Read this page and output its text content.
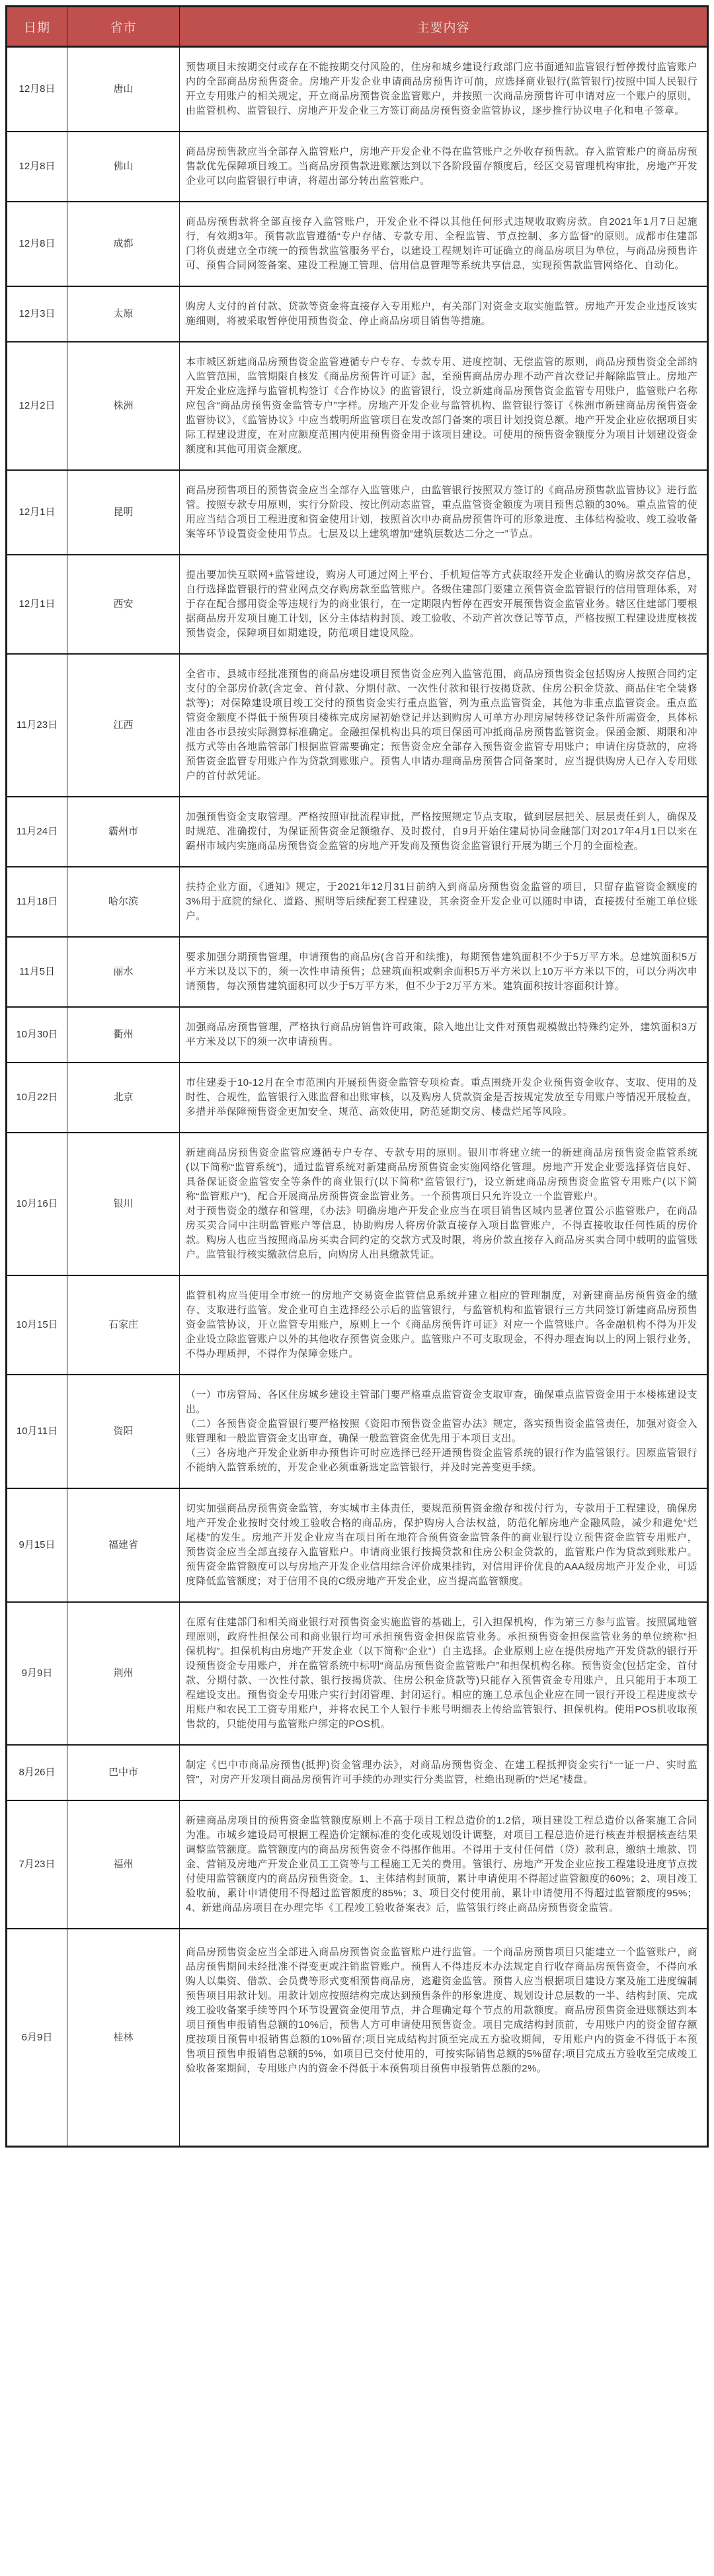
日期	省市	主要内容
12月8日	唐山	预售项目未按期交付或存在不能按期交付风险的，住房和城乡建设行政部门应书面通知监管银行暂停拨付监管账户内的全部商品房预售资金。房地产开发企业申请商品房预售许可前，应选择商业银行(监管银行)按照中国人民银行开立专用账户的相关规定，开立商品房预售资金监管账户，并按照一次商品房预售许可申请对应一个账户的原则，由监管机构、监管银行、房地产开发企业三方签订商品房预售资金监管协议，逐步推行协议电子化和电子签章。

12月8日	佛山	商品房预售款应当全部存入监管账户，房地产开发企业不得在监管账户之外收存预售款。存入监管账户的商品房预售款优先保障项目竣工。当商品房预售款进账额达到以下各阶段留存额度后，经区交易管理机构审批，房地产开发企业可以向监管银行申请，将超出部分转出监管账户。

12月8日	成都	商品房预售款将全部直接存入监管账户，开发企业不得以其他任何形式违规收取购房款。自2021年1月7日起施行，有效期3年。预售款监管遵循“专户存储、专款专用、全程监管、节点控制、多方监督”的原则。成都市住建部门将负责建立全市统一的预售款监管服务平台，以建设工程规划许可证确立的商品房项目为单位，与商品房预售许可、预售合同网签备案、建设工程施工管理、信用信息管理等系统共享信息，实现预售款监管网络化、自动化。

12月3日	太原	购房人支付的首付款、贷款等资金将直接存入专用账户，有关部门对资金支取实施监管。房地产开发企业违反该实施细则，将被采取暂停使用预售资金、停止商品房项目销售等措施。

12月2日	株洲	本市城区新建商品房预售资金监管遵循专户专存、专款专用、进度控制、无偿监管的原则，商品房预售资金全部纳入监管范围，监管期限自核发《商品房预售许可证》起，至预售商品房办理不动产首次登记并解除监管止。房地产开发企业应选择与监管机构签订《合作协议》的监管银行，设立新建商品房预售资金监管专用账户，监管账户名称应包含“商品房预售资金监管专户”字样。房地产开发企业与监管机构、监管银行签订《株洲市新建商品房预售资金监管协议》，《监管协议》中应当载明所监管项目在发改部门备案的项目计划投资总额。地产开发企业应依据项目实际工程建设进度，在对应额度范围内使用预售资金用于该项目建设。可使用的预售资金额度分为项目计划建设资金额度和其他可用资金额度。

12月1日	昆明	商品房预售项目的预售资金应当全部存入监管账户，由监管银行按照双方签订的《商品房预售款监管协议》进行监管。按照专款专用原则，实行分阶段、按比例动态监管，重点监管资金额度为项目预售总额的30%。重点监管的使用应当结合项目工程进度和资金使用计划，按照首次申办商品房预售许可的形象进度、主体结构验收、竣工验收备案等环节设置资金使用节点。七层及以上建筑增加“建筑层数达二分之一”节点。

12月1日	西安	提出要加快互联网+监管建设，购房人可通过网上平台、手机短信等方式获取经开发企业确认的购房款交存信息，自行选择监管银行的营业网点交存购房款至监管账户。各级住建部门要建立预售资金监管银行的信用管理体系，对于存在配合挪用资金等违规行为的商业银行，在一定期限内暂停在西安开展预售资金监管业务。辖区住建部门要根据商品房开发项目施工计划，区分主体结构封顶、竣工验收、不动产首次登记等节点，严格按照工程建设进度核拨预售资金，保障项目如期建设，防范项目建设风险。

11月23日	江西	全省市、县城市经批准预售的商品房建设项目预售资金应列入监管范围，商品房预售资金包括购房人按照合同约定支付的全部房价款(含定金、首付款、分期付款、一次性付款和银行按揭贷款、住房公积金贷款、商品住宅全装修款等)；对保障建设项目竣工交付的预售资金实行重点监管，列为重点监管资金，其他为非重点监管资金。重点监管资金额度不得低于预售项目楼栋完成房屋初始登记并达到购房人可单方办理房屋转移登记条件所需资金，具体标准由各市县按实际测算标准确定。金融担保机构出具的项目保函可冲抵商品房预售监管资金。保函金额、期限和冲抵方式等由各地监管部门根据监管需要确定；预售资金应全部存入预售资金监管专用账户；申请住房贷款的，应将预售资金监管专用账户作为贷款到账账户。预售人申请办理商品房预售合同备案时，应当提供购房人已存入专用账户的首付款凭证。

11月24日	霸州市	加强预售资金支取管理。严格按照审批流程审批，严格按照规定节点支取，做到层层把关、层层责任到人，确保及时规范、准确拨付，为保证预售资金足额缴存、及时拨付，自9月开始住建局协同金融部门对2017年4月1日以来在霸州市域内实施商品房预售资金监管的房地产开发商及预售资金监管银行开展为期三个月的全面检查。

11月18日	哈尔滨	扶持企业方面，《通知》规定，于2021年12月31日前纳入到商品房预售资金监管的项目，只留存监管资金额度的3%用于庭院的绿化、道路、照明等后续配套工程建设，其余资金开发企业可以随时申请，直接拨付至施工单位账户。

11月5日	丽水	要求加强分期预售管理，申请预售的商品房(含首开和续推)，每期预售建筑面积不少于5万平方米。总建筑面积5万平方米以及以下的，须一次性申请预售；总建筑面积或剩余面积5万平方米以上10万平方米以下的，可以分两次申请预售，每次预售建筑面积可以少于5万平方米，但不少于2万平方米。建筑面积按计容面积计算。

10月30日	衢州	加强商品房预售管理，严格执行商品房销售许可政策，除入地出让文件对预售规模做出特殊约定外，建筑面积3万平方米及以下的须一次申请预售。

10月22日	北京	市住建委于10-12月在全市范围内开展预售资金监管专项检查。重点围绕开发企业预售资金收存、支取、使用的及时性、合规性，监管银行入账监督和出账审核，以及购房人贷款资金是否按规定发放至专用账户等情况开展检查，多措并举保障预售资金更加安全、规范、高效使用，防范延期交房、楼盘烂尾等风险。

10月16日	银川	新建商品房预售资金监管应遵循专户专存、专款专用的原则。银川市将建立统一的新建商品房预售资金监管系统(以下简称“监管系统”)，通过监管系统对新建商品房预售资金实施网络化管理。房地产开发企业要选择资信良好、具备保证资金监管安全等条件的商业银行(以下简称“监管银行”)，设立新建商品房预售资金监管专用账户(以下简称“监管账户”)，配合开展商品房预售资金监管业务。一个预售项目只允许设立一个监管账户。

对于预售资金的缴存和管理，《办法》明确房地产开发企业应当在项目销售区域内显著位置公示监管账户，在商品房买卖合同中注明监管账户等信息，协助购房人将房价款直接存入项目监管账户，不得直接收取任何性质的房价款。购房人也应当按照商品房买卖合同约定的交款方式及时限，将房价款直接存入商品房买卖合同中载明的监管账户。监管银行核实缴款信息后，向购房人出具缴款凭证。

10月15日	石家庄	监管机构应当使用全市统一的房地产交易资金监管信息系统并建立相应的管理制度，对新建商品房预售资金的缴存、支取进行监管。发企业可自主选择经公示后的监管银行，与监管机构和监管银行三方共同签订新建商品房预售资金监管协议，开立监管专用账户，原则上一个《商品房预售许可证》对应一个监管账户。各金融机构不得为开发企业设立除监管账户以外的其他收存预售资金账户。监管账户不可支取现金，不得办理查询以上的网上银行业务，不得办理质押，不得作为保障金账户。

10月11日	资阳	（一）市房管局、各区住房城乡建设主管部门要严格重点监管资金支取审查，确保重点监管资金用于本楼栋建设支出。

（二）各预售资金监管银行要严格按照《资阳市预售资金监管办法》规定，落实预售资金监管责任，加强对资金入账管理和一般监管资金支出审查，确保一般监管资金优先用于本项目支出。

（三）各房地产开发企业新申办预售许可时应选择已经开通预售资金监管系统的银行作为监管银行。因原监管银行不能纳入监管系统的，开发企业必须重新选定监管银行，并及时完善变更手续。

9月15日	福建省	切实加强商品房预售资金监管，夯实城市主体责任，要规范预售资金缴存和拨付行为，专款用于工程建设，确保房地产开发企业按时交付竣工验收合格的商品房，保护购房人合法权益，防范化解房地产金融风险，减少和避免“烂尾楼”的发生。房地产开发企业应当在项目所在地符合预售资金监管条件的商业银行设立预售资金监管专用账户，预售资金应当全部直接存入监管账户。申请商业银行按揭贷款和住房公积金贷款的，监管账户作为贷款到账账户。预售资金监管额度可以与房地产开发企业信用综合评价成果挂钩，对信用评价优良的AAA级房地产开发企业，可适度降低监管额度；对于信用不良的C级房地产开发企业，应当提高监管额度。

9月9日	荆州	在原有住建部门和相关商业银行对预售资金实施监管的基础上，引入担保机构，作为第三方参与监管。按照属地管理原则，政府性担保公司和商业银行均可承担预售资金担保监管业务。承担预售资金担保监管业务的单位统称“担保机构”。担保机构由房地产开发企业（以下简称“企业”）自主选择。企业原则上应在提供房地产开发贷款的银行开设预售资金专用账户，并在监管系统中标明“商品房预售资金监管账户”和担保机构名称。预售资金(包括定金、首付款、分期付款、一次性付款、银行按揭贷款、住房公积金贷款等)只能存入预售资金专用账户，且只能用于本项工程建设支出。预售资金专用账户实行封闭管理、封闭运行。相应的施工总承包企业应在同一银行开设工程进度款专用账户和农民工工资专用账户，并将农民工个人银行卡账号明细表上传给监管银行、担保机构。使用POS机收取预售款的，只能使用与监管账户绑定的POS机。

8月26日	巴中市	制定《巴中市商品房预售(抵押)资金管理办法》，对商品房预售资金、在建工程抵押资金实行“一证一户、实时监管”，对房产开发项目商品房预售许可手续的办理实行分类监管，杜绝出现新的“烂尾”楼盘。

7月23日	福州	新建商品房项目的预售资金监管额度原则上不高于项目工程总造价的1.2倍，项目建设工程总造价以备案施工合同为准。市城乡建设局可根据工程造价定额标准的变化或规划设计调整，对项目工程总造价进行核查并根据核查结果调整监管额度。监管额度内的商品房预售资金不得挪作他用。不得用于支付任何借（贷）款利息，缴纳土地款、罚金、营销及房地产开发企业员工工资等与工程施工无关的费用。管银行、房地产开发企业应按工程建设进度节点拨付使用监管额度内的商品房预售资金。1、主体结构封顶前，累计申请使用不得超过监管额度的60%；2、项目竣工验收前，累计申请使用不得超过监管额度的85%；3、项目交付使用前，累计申请使用不得超过监管额度的95%；4、新建商品房项目在办理完毕《工程竣工验收备案表》后，监管银行终止商品房预售资金监管。

6月9日	桂林	商品房预售资金应当全部进入商品房预售资金监管账户进行监管。一个商品房预售项目只能建立一个监管账户，商品房预售期间未经批准不得变更或注销监管账户。预售人不得违反本办法规定自行收存商品房预售资金，不得向承购人以集资、借款、会员费等形式变相预售商品房，逃避资金监管。预售人应当根据项目建设方案及施工进度编制预售项目用款计划。用款计划应按照结构完成达到预售条件的形象进度、规划设计总层数的一半、结构封顶、完成竣工验收备案手续等四个环节设置资金使用节点，并合理确定每个节点的用款额度。商品房预售资金进账额达到本项目预售申报销售总额的10%后，预售人方可申请使用预售资金。项目完成结构封顶前，专用账户内的资金留存额度按项目预售申报销售总额的10%留存;项目完成结构封顶至完成五方验收期间，专用账户内的资金不得低于本预售项目预售申报销售总额的5%，如项目已交付使用的，可按实际销售总额的5%留存;项目完成五方验收至完成竣工验收备案期间，专用账户内的资金不得低于本预售项目预售申报销售总额的2%。
